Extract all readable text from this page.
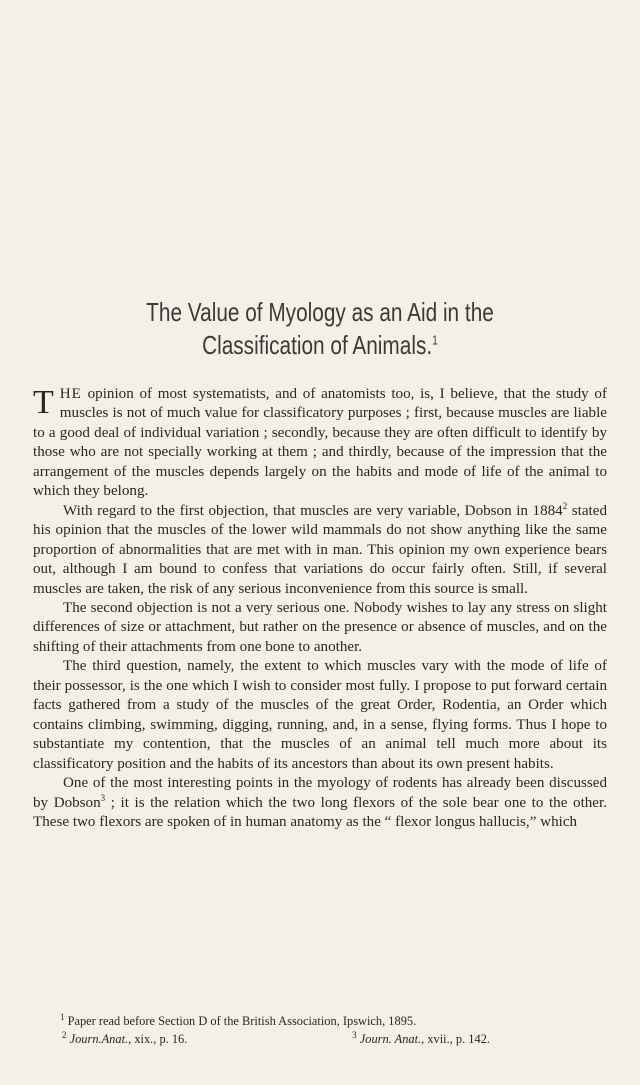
The Value of Myology as an Aid in the
Classification of Animals.$^1$

THE opinion of most systematists, and of anatomists too, is, I believe, that the study of muscles is not of much value for classificatory purposes ; first, because muscles are liable to a good deal of individual variation ; secondly, because they are often difficult to identify by those who are not specially working at them ; and thirdly, because of the impression that the arrangement of the muscles depends largely on the habits and mode of life of the animal to which they belong.

With regard to the first objection, that muscles are very variable, Dobson in 1884$^2$ stated his opinion that the muscles of the lower wild mammals do not show anything like the same proportion of abnormalities that are met with in man. This opinion my own experience bears out, although I am bound to confess that variations do occur fairly often. Still, if several muscles are taken, the risk of any serious inconvenience from this source is small.

The second objection is not a very serious one. Nobody wishes to lay any stress on slight differences of size or attachment, but rather on the presence or absence of muscles, and on the shifting of their attachments from one bone to another.

The third question, namely, the extent to which muscles vary with the mode of life of their possessor, is the one which I wish to consider most fully. I propose to put forward certain facts gathered from a study of the muscles of the great Order, Rodentia, an Order which contains climbing, swimming, digging, running, and, in a sense, flying forms. Thus I hope to substantiate my contention, that the muscles of an animal tell much more about its classificatory position and the habits of its ancestors than about its own present habits.

One of the most interesting points in the myology of rodents has already been discussed by Dobson$^3$ ; it is the relation which the two long flexors of the sole bear one to the other. These two flexors are spoken of in human anatomy as the “ flexor longus hallucis,” which

$^1$ Paper read before Section D of the British Association, Ipswich, 1895.
$^2$ Journ.Anat., xix., p. 16.	$^3$ Journ. Anat., xvii., p. 142.
